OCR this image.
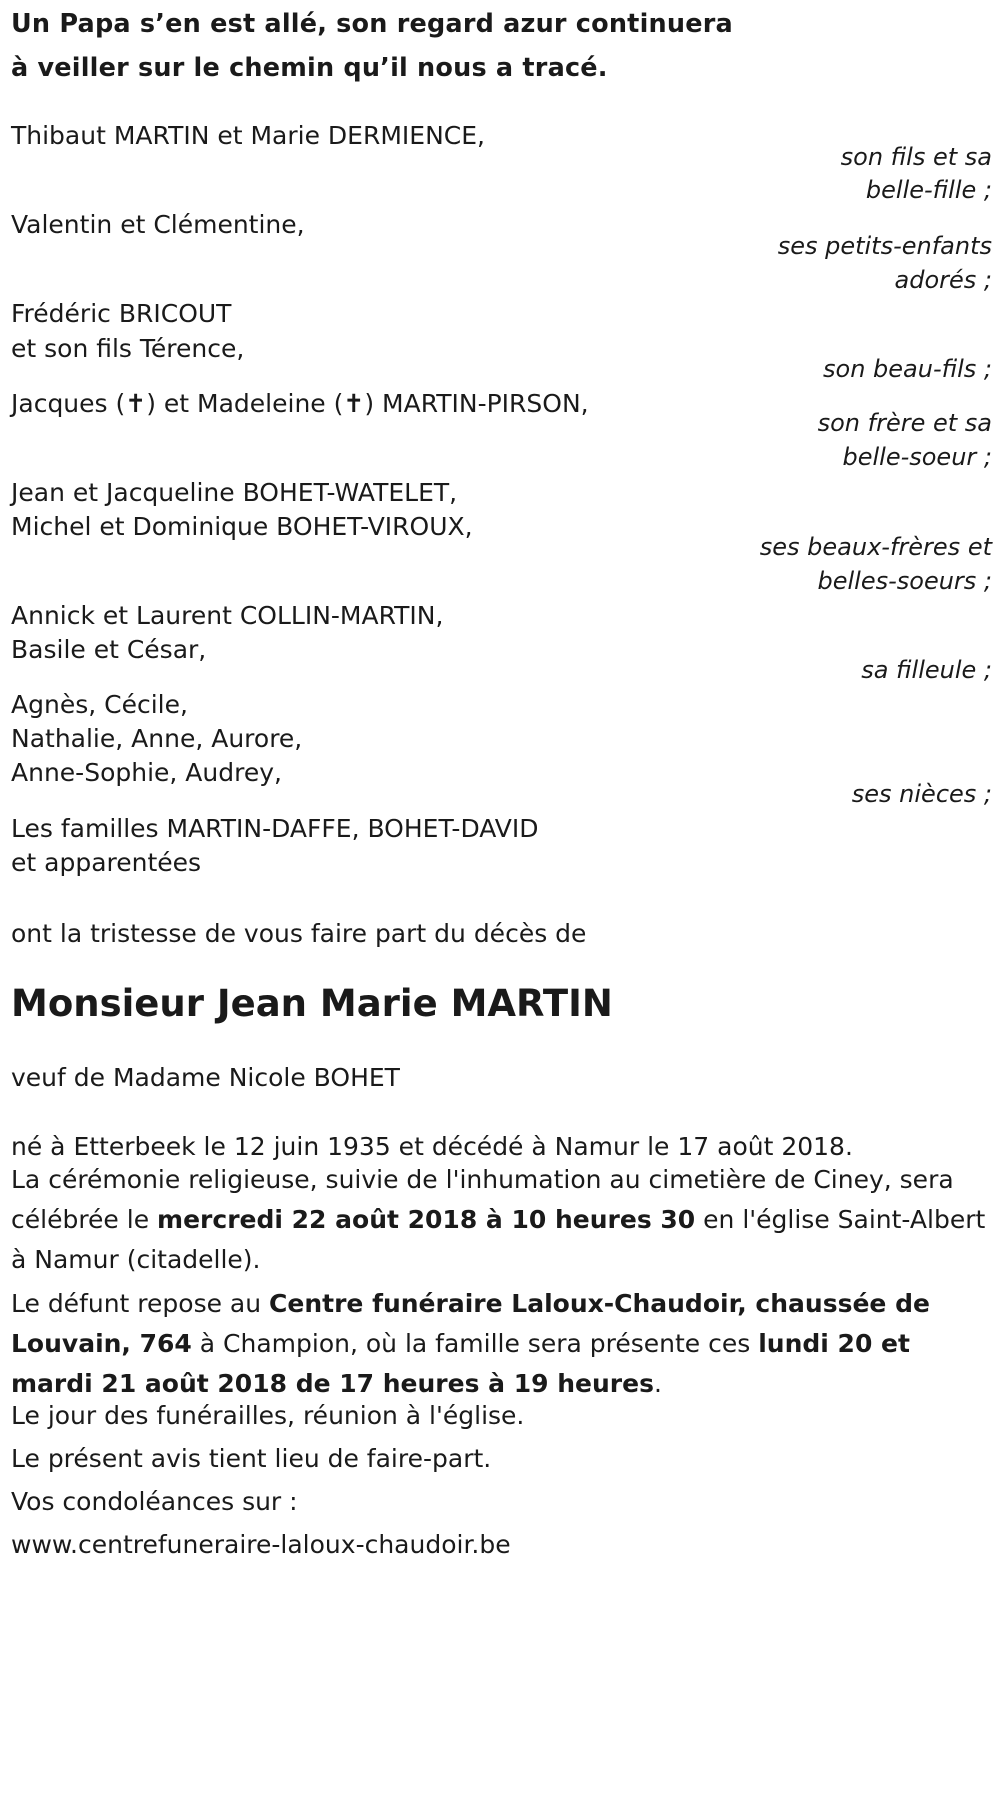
Un Papa s’en est allé, son regard azur continuera
à veiller sur le chemin qu’il nous a tracé.
Thibaut MARTIN et Marie DERMIENCE,
son fils et sa
belle-fille ;
Valentin et Clémentine,
ses petits-enfants
adorés ;
Frédéric BRICOUT
et son fils Térence,
son beau-fils ;
Jacques (✝) et Madeleine (✝) MARTIN-PIRSON,
son frère et sa
belle-soeur ;
Jean et Jacqueline BOHET-WATELET,
Michel et Dominique BOHET-VIROUX,
ses beaux-frères et
belles-soeurs ;
Annick et Laurent COLLIN-MARTIN,
Basile et César,
sa filleule ;
Agnès, Cécile,
Nathalie, Anne, Aurore,
Anne-Sophie, Audrey,
ses nièces ;
Les familles MARTIN-DAFFE, BOHET-DAVID
et apparentées
ont la tristesse de vous faire part du décès de
Monsieur Jean Marie MARTIN
veuf de Madame Nicole BOHET
né à Etterbeek le 12 juin 1935 et décédé à Namur le 17 août 2018.
La cérémonie religieuse, suivie de l'inhumation au cimetière de Ciney, sera célébrée le mercredi 22 août 2018 à 10 heures 30 en l'église Saint-Albert à Namur (citadelle).
Le défunt repose au Centre funéraire Laloux-Chaudoir, chaussée de Louvain, 764 à Champion, où la famille sera présente ces lundi 20 et mardi 21 août 2018 de 17 heures à 19 heures.
Le jour des funérailles, réunion à l'église.
Le présent avis tient lieu de faire-part.
Vos condoléances sur :
www.centrefuneraire-laloux-chaudoir.be
